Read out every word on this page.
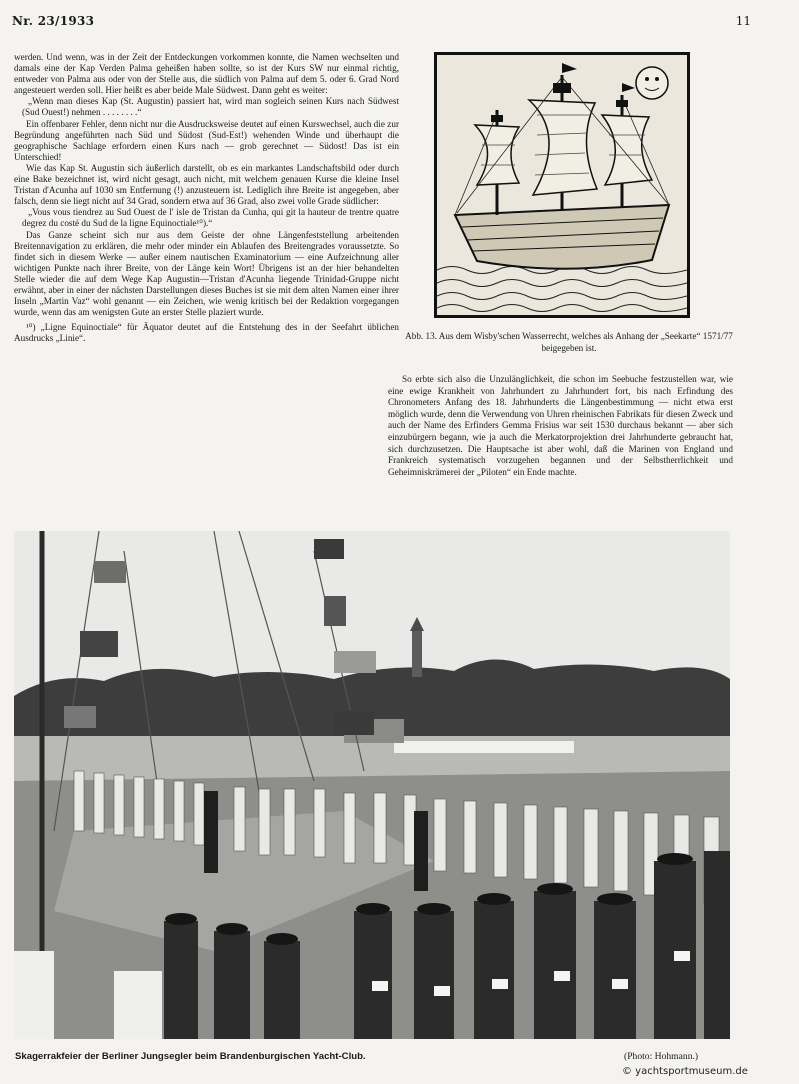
Nr. 23/1933	11

werden. Und wenn, was in der Zeit der Entdeckungen vorkommen konnte, die Namen wechselten und damals eine der Kap Verden Palma geheißen haben sollte, so ist der Kurs SW nur einmal richtig, entweder von Palma aus oder von der Stelle aus, die südlich von Palma auf dem 5. oder 6. Grad Nord angesteuert werden soll. Hier heißt es aber beide Male Südwest. Dann geht es weiter:

„Wenn man dieses Kap (St. Augustin) passiert hat, wird man sogleich seinen Kurs nach Südwest (Sud Ouest!) nehmen . . . . . . . .“

Ein offenbarer Fehler, denn nicht nur die Ausdrucksweise deutet auf einen Kurswechsel, auch die zur Begründung angeführten nach Süd und Südost (Sud-Est!) wehenden Winde und überhaupt die geographische Sachlage erfordern einen Kurs nach — grob gerechnet — Südost! Das ist ein Unterschied!

Wie das Kap St. Augustin sich äußerlich darstellt, ob es ein markantes Landschaftsbild oder durch eine Bake bezeichnet ist, wird nicht gesagt, auch nicht, mit welchem genauen Kurse die kleine Insel Tristan d'Acunha auf 1030 sm Entfernung (!) anzusteuern ist. Lediglich ihre Breite ist angegeben, aber falsch, denn sie liegt nicht auf 34 Grad, sondern etwa auf 36 Grad, also zwei volle Grade südlicher:

„Vous vous tiendrez au Sud Ouest de l' isle de Tristan da Cunha, qui git la hauteur de trentre quatre degrez du costé du Sud de la ligne Equinoctiale¹⁰).“

Das Ganze scheint sich nur aus dem Geiste der ohne Längenfeststellung arbeitenden Breitennavigation zu erklären, die mehr oder minder ein Ablaufen des Breitengrades voraussetzte. So findet sich in diesem Werke — außer einem nautischen Examinatorium — eine Aufzeichnung aller wichtigen Punkte nach ihrer Breite, von der Länge kein Wort! Übrigens ist an der hier behandelten Stelle wieder die auf dem Wege Kap Augustin—Tristan d'Acunha liegende Trinidad-Gruppe nicht erwähnt, aber in einer der nächsten Darstellungen dieses Buches ist sie mit dem alten Namen einer ihrer Inseln „Martin Vaz“ wohl genannt — ein Zeichen, wie wenig kritisch bei der Redaktion vorgegangen wurde, wenn das am wenigsten Gute an erster Stelle plaziert wurde.

¹⁰) „Ligne Equinoctiale“ für Äquator deutet auf die Entstehung des in der Seefahrt üblichen Ausdrucks „Linie“.	Abb. 13. Aus dem Wisby'schen Wasserrecht, welches als Anhang der „Seekarte“ 1571/77 beigegeben ist.

So erbte sich also die Unzulänglichkeit, die schon im Seebuche festzustellen war, wie eine ewige Krankheit von Jahrhundert zu Jahrhundert fort, bis nach Erfindung des Chronometers Anfang des 18. Jahrhunderts die Längenbestimmung — nicht etwa erst möglich wurde, denn die Verwendung von Uhren rheinischen Fabrikats für diesen Zweck und auch der Name des Erfinders Gemma Frisius war seit 1530 durchaus bekannt — aber sich einzubürgern begann, wie ja auch die Merkatorprojektion drei Jahrhunderte gebraucht hat, sich durchzusetzen. Die Hauptsache ist aber wohl, daß die Marinen von England und Frankreich systematisch vorzugehen begannen und der Selbstherrlichkeit und Geheimniskrämerei der „Piloten“ ein Ende machte.

Skagerrakfeier der Berliner Jungsegler beim Brandenburgischen Yacht-Club.	(Photo: Hohmann.)
© yachtsportmuseum.de
